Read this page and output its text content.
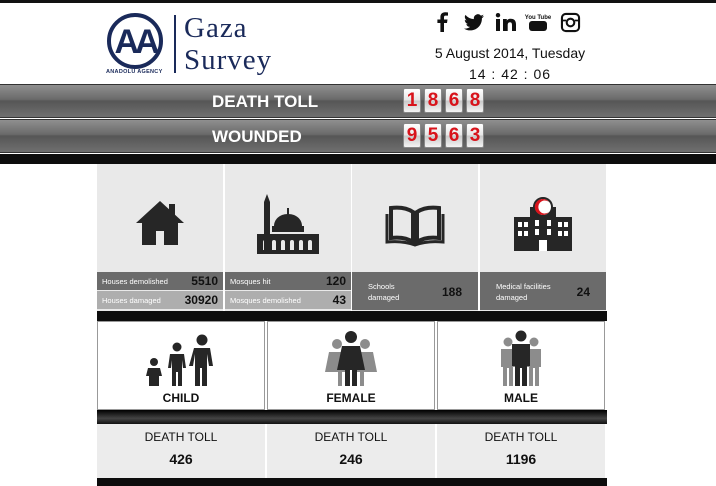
AA
ANADOLU AGENCY
Gaza
Survey
You Tube
5 August 2014, Tuesday
14 : 42 : 06
DEATH TOLL	1 8 6 8
WOUNDED	9 5 6 3
Houses demolished 5510
Houses damaged 30920
Mosques hit	120
Mosques demolished	43
Schools damaged	188	Medical facilities damaged	24
CHILD	FEMALE	MALE
DEATH TOLL
426
DEATH TOLL
246
DEATH TOLL
1196
